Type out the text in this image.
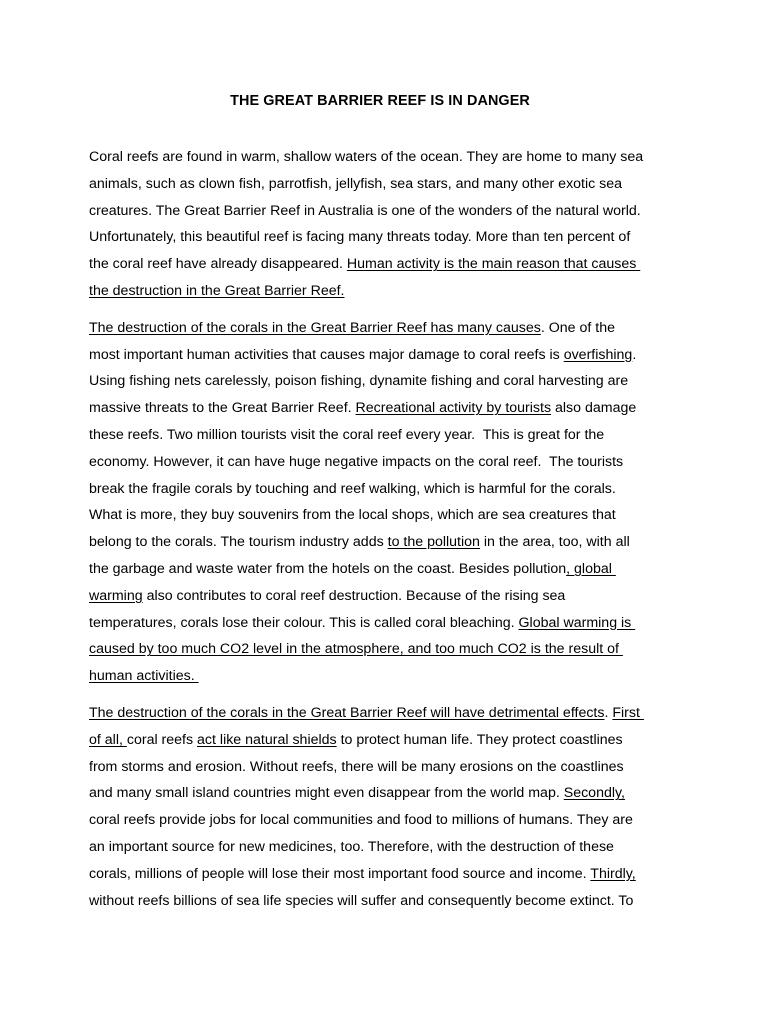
THE GREAT BARRIER REEF IS IN DANGER

Coral reefs are found in warm, shallow waters of the ocean. They are home to many sea
animals, such as clown fish, parrotfish, jellyfish, sea stars, and many other exotic sea
creatures. The Great Barrier Reef in Australia is one of the wonders of the natural world.
Unfortunately, this beautiful reef is facing many threats today. More than ten percent of
the coral reef have already disappeared. Human activity is the main reason that causes
the destruction in the Great Barrier Reef.

The destruction of the corals in the Great Barrier Reef has many causes. One of the
most important human activities that causes major damage to coral reefs is overfishing.
Using fishing nets carelessly, poison fishing, dynamite fishing and coral harvesting are
massive threats to the Great Barrier Reef. Recreational activity by tourists also damage
these reefs. Two million tourists visit the coral reef every year.  This is great for the
economy. However, it can have huge negative impacts on the coral reef.  The tourists
break the fragile corals by touching and reef walking, which is harmful for the corals.
What is more, they buy souvenirs from the local shops, which are sea creatures that
belong to the corals. The tourism industry adds to the pollution in the area, too, with all
the garbage and waste water from the hotels on the coast. Besides pollution, global
warming also contributes to coral reef destruction. Because of the rising sea
temperatures, corals lose their colour. This is called coral bleaching. Global warming is
caused by too much CO2 level in the atmosphere, and too much CO2 is the result of
human activities.

The destruction of the corals in the Great Barrier Reef will have detrimental effects. First
of all, coral reefs act like natural shields to protect human life. They protect coastlines
from storms and erosion. Without reefs, there will be many erosions on the coastlines
and many small island countries might even disappear from the world map. Secondly,
coral reefs provide jobs for local communities and food to millions of humans. They are
an important source for new medicines, too. Therefore, with the destruction of these
corals, millions of people will lose their most important food source and income. Thirdly,
without reefs billions of sea life species will suffer and consequently become extinct. To
